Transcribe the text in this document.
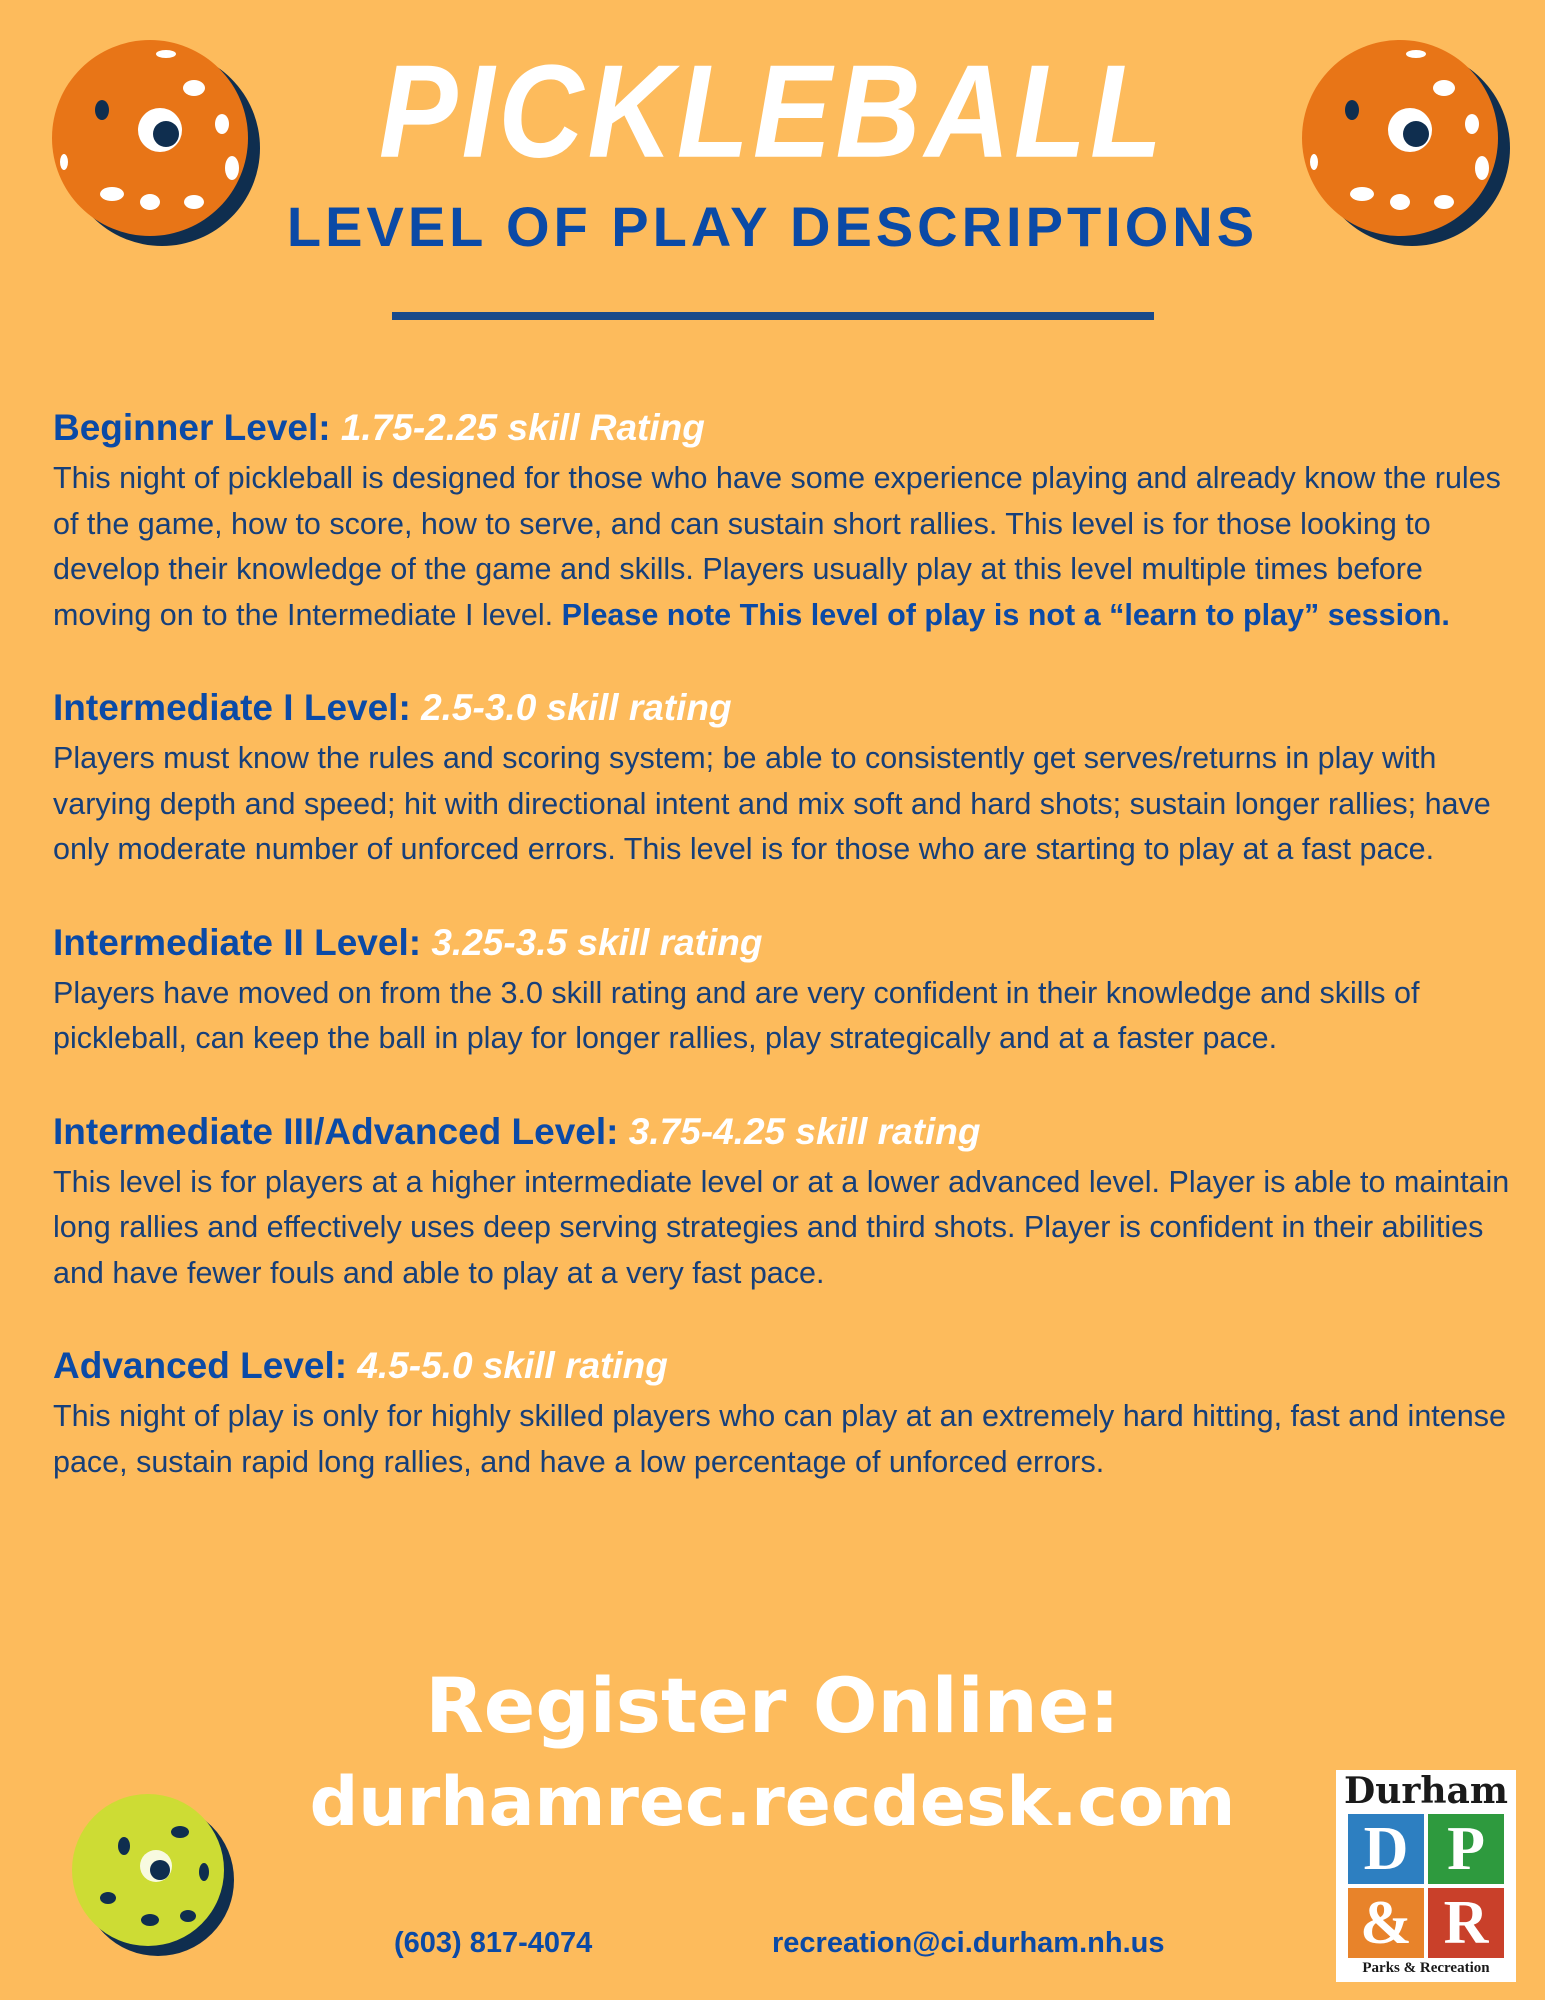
PICKLEBALL
LEVEL OF PLAY DESCRIPTIONS
Beginner Level: 1.75-2.25 skill Rating
This night of pickleball is designed for those who have some experience playing and already know the rules of the game, how to score, how to serve, and can sustain short rallies. This level is for those looking to develop their knowledge of the game and skills. Players usually play at this level multiple times before moving on to the Intermediate I level. Please note This level of play is not a “learn to play” session.
Intermediate I Level: 2.5-3.0 skill rating
Players must know the rules and scoring system; be able to consistently get serves/returns in play with varying depth and speed; hit with directional intent and mix soft and hard shots; sustain longer rallies; have only moderate number of unforced errors. This level is for those who are starting to play at a fast pace.
Intermediate II Level: 3.25-3.5 skill rating
Players have moved on from the 3.0 skill rating and are very confident in their knowledge and skills of pickleball, can keep the ball in play for longer rallies, play strategically and at a faster pace.
Intermediate III/Advanced Level: 3.75-4.25 skill rating
This level is for players at a higher intermediate level or at a lower advanced level. Player is able to maintain long rallies and effectively uses deep serving strategies and third shots. Player is confident in their abilities and have fewer fouls and able to play at a very fast pace.
Advanced Level: 4.5-5.0 skill rating
This night of play is only for highly skilled players who can play at an extremely hard hitting, fast and intense pace, sustain rapid long rallies, and have a low percentage of unforced errors.
Register Online:
durhamrec.recdesk.com
(603) 817-4074	recreation@ci.durham.nh.us
Durham
D P
& R
Parks & Recreation
